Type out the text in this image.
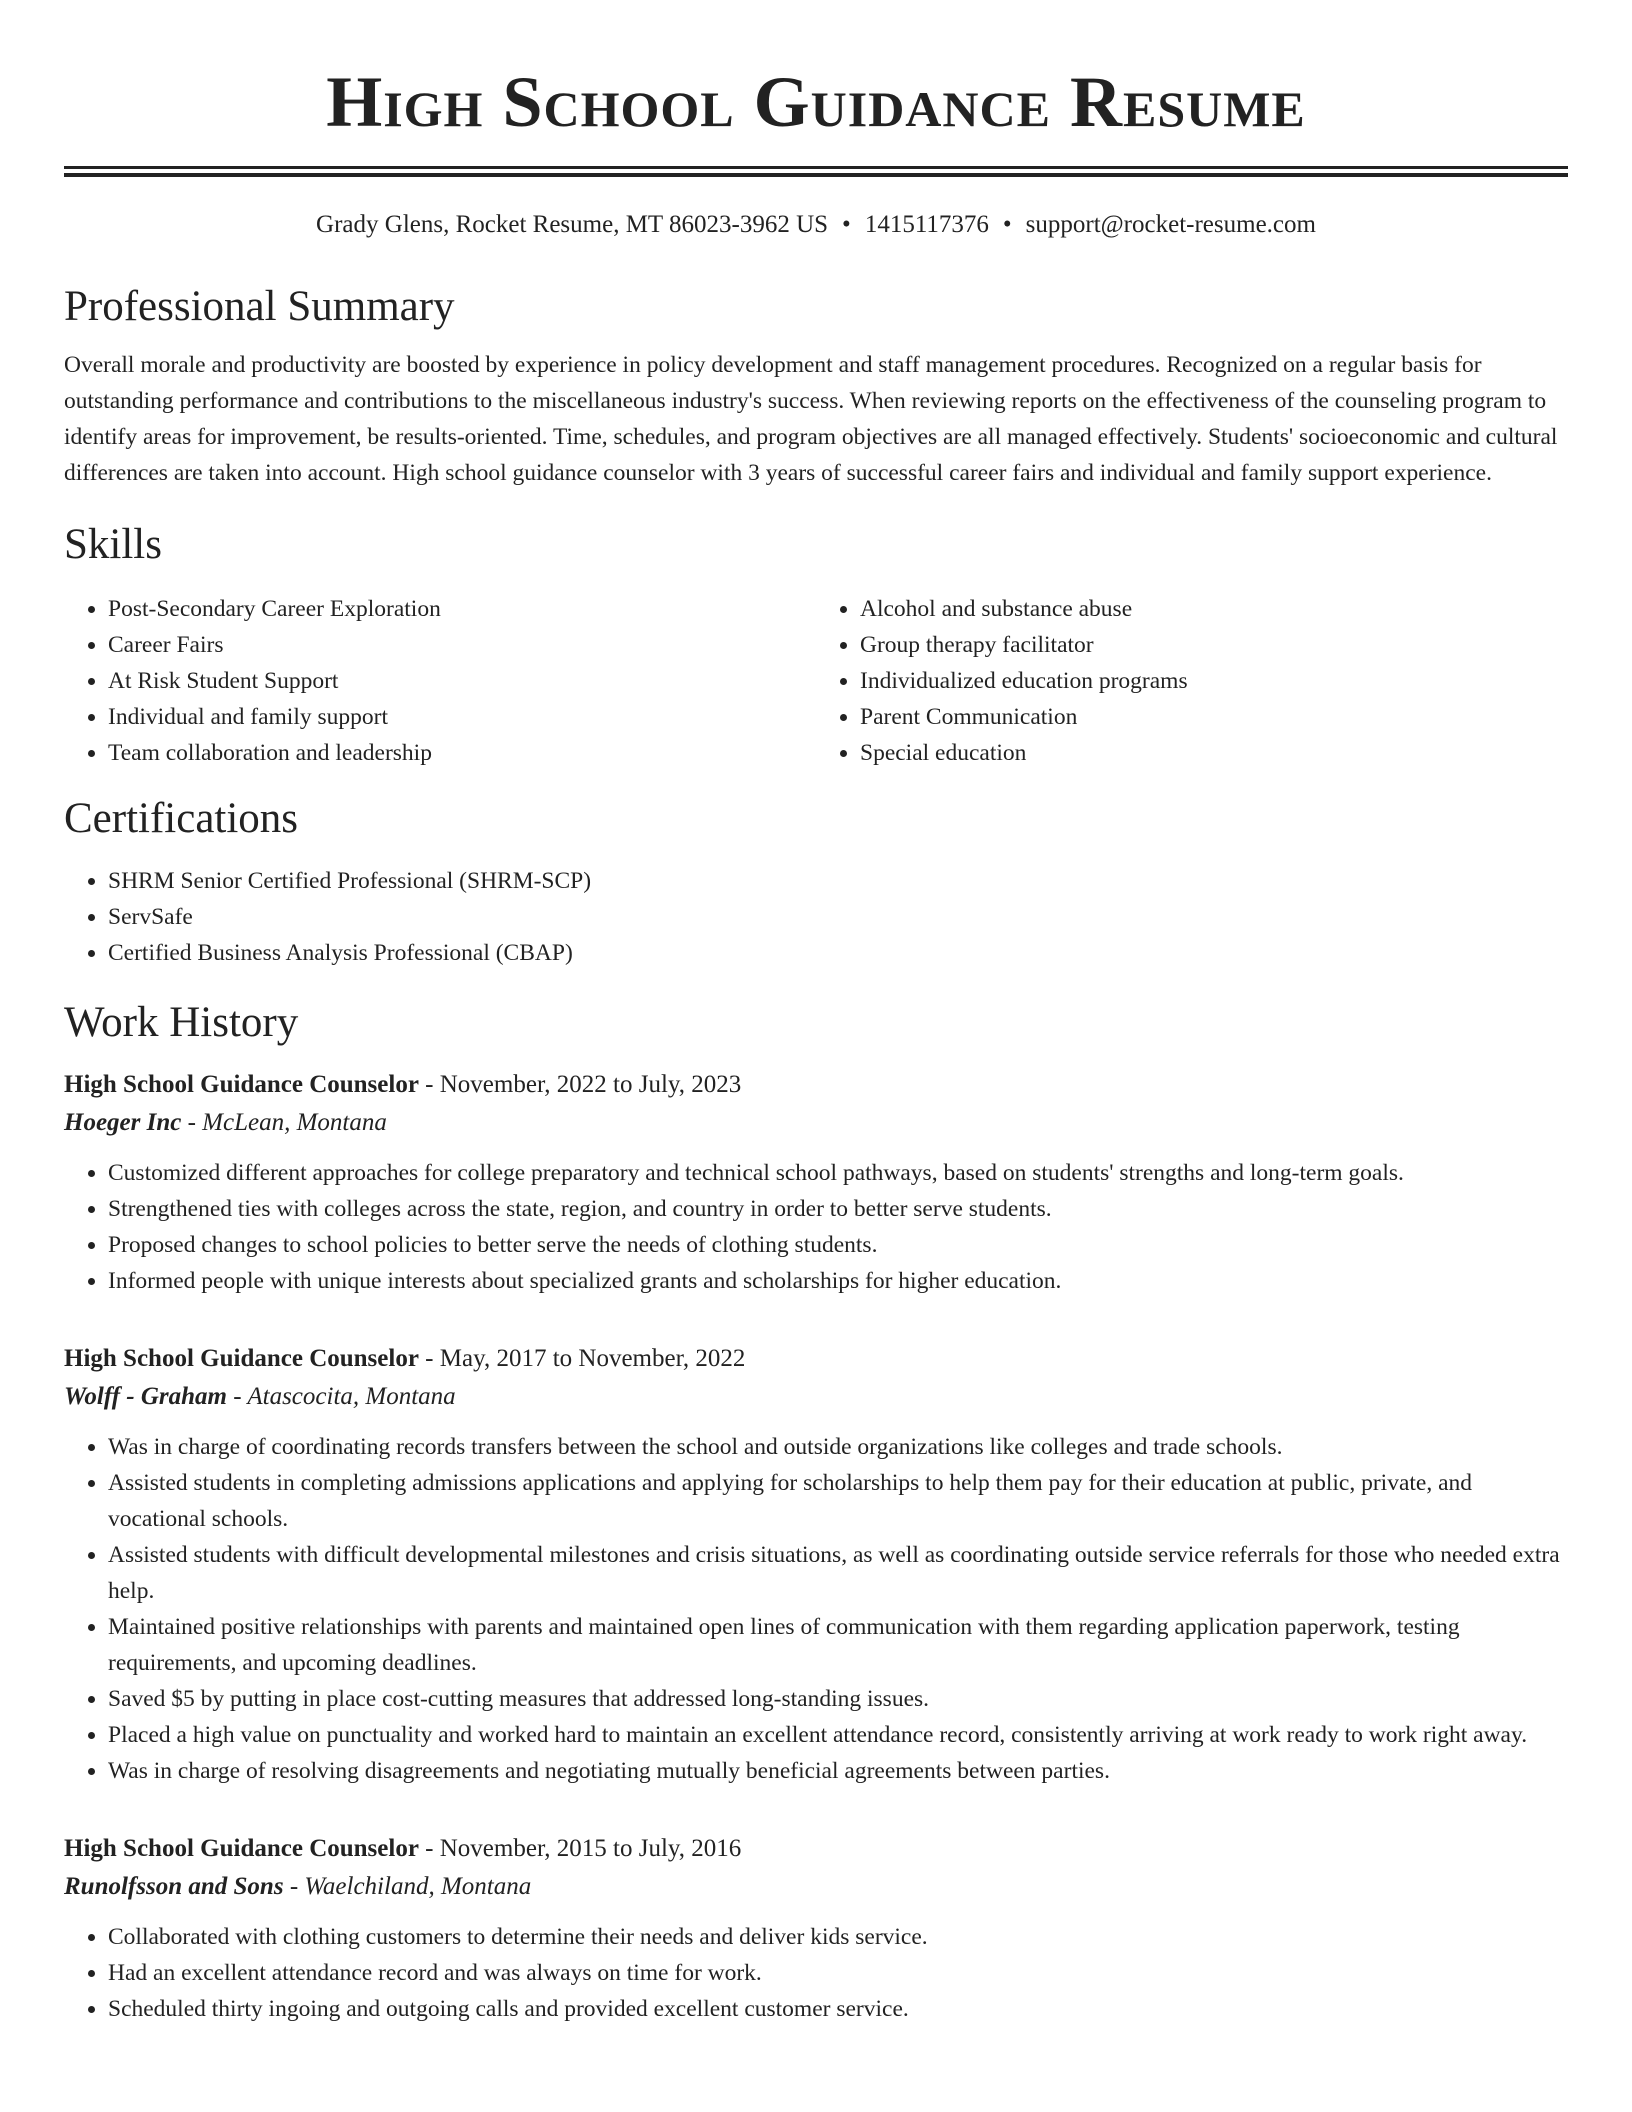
High School Guidance Resume
Grady Glens, Rocket Resume, MT 86023-3962 US • 1415117376 • support@rocket-resume.com
Professional Summary

Overall morale and productivity are boosted by experience in policy development and staff management procedures. Recognized on a regular basis for outstanding performance and contributions to the miscellaneous industry's success. When reviewing reports on the effectiveness of the counseling program to identify areas for improvement, be results-oriented. Time, schedules, and program objectives are all managed effectively. Students' socioeconomic and cultural differences are taken into account. High school guidance counselor with 3 years of successful career fairs and individual and family support experience.

Skills
• Post-Secondary Career Exploration
• Career Fairs
• At Risk Student Support
• Individual and family support
• Team collaboration and leadership
• Alcohol and substance abuse
• Group therapy facilitator
• Individualized education programs
• Parent Communication
• Special education
Certifications
• SHRM Senior Certified Professional (SHRM-SCP)
• ServSafe
• Certified Business Analysis Professional (CBAP)
Work History
High School Guidance Counselor - November, 2022 to July, 2023
Hoeger Inc - McLean, Montana
• Customized different approaches for college preparatory and technical school pathways, based on students' strengths and long-term goals.
• Strengthened ties with colleges across the state, region, and country in order to better serve students.
• Proposed changes to school policies to better serve the needs of clothing students.
• Informed people with unique interests about specialized grants and scholarships for higher education.
High School Guidance Counselor - May, 2017 to November, 2022
Wolff - Graham - Atascocita, Montana
• Was in charge of coordinating records transfers between the school and outside organizations like colleges and trade schools.
• Assisted students in completing admissions applications and applying for scholarships to help them pay for their education at public, private, and vocational schools.
• Assisted students with difficult developmental milestones and crisis situations, as well as coordinating outside service referrals for those who needed extra help.
• Maintained positive relationships with parents and maintained open lines of communication with them regarding application paperwork, testing requirements, and upcoming deadlines.
• Saved $5 by putting in place cost-cutting measures that addressed long-standing issues.
• Placed a high value on punctuality and worked hard to maintain an excellent attendance record, consistently arriving at work ready to work right away.
• Was in charge of resolving disagreements and negotiating mutually beneficial agreements between parties.
High School Guidance Counselor - November, 2015 to July, 2016
Runolfsson and Sons - Waelchiland, Montana
• Collaborated with clothing customers to determine their needs and deliver kids service.
• Had an excellent attendance record and was always on time for work.
• Scheduled thirty ingoing and outgoing calls and provided excellent customer service.
